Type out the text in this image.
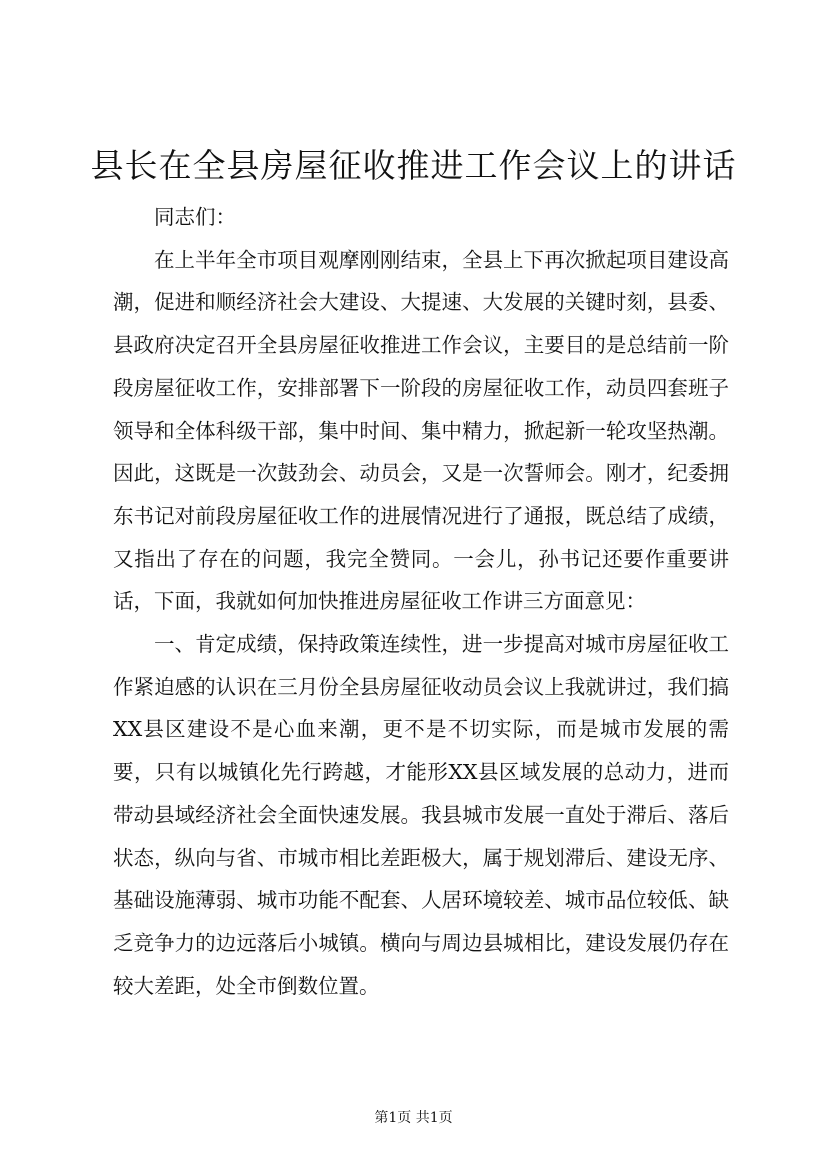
县长在全县房屋征收推进工作会议上的讲话

同志们：

在上半年全市项目观摩刚刚结束，全县上下再次掀起项目建设高潮，促进和顺经济社会大建设、大提速、大发展的关键时刻，县委、县政府决定召开全县房屋征收推进工作会议，主要目的是总结前一阶段房屋征收工作，安排部署下一阶段的房屋征收工作，动员四套班子领导和全体科级干部，集中时间、集中精力，掀起新一轮攻坚热潮。因此，这既是一次鼓劲会、动员会，又是一次誓师会。刚才，纪委拥东书记对前段房屋征收工作的进展情况进行了通报，既总结了成绩，又指出了存在的问题，我完全赞同。一会儿，孙书记还要作重要讲话，下面，我就如何加快推进房屋征收工作讲三方面意见：

一、肯定成绩，保持政策连续性，进一步提高对城市房屋征收工作紧迫感的认识在三月份全县房屋征收动员会议上我就讲过，我们搞XX县区建设不是心血来潮，更不是不切实际，而是城市发展的需要，只有以城镇化先行跨越，才能形XX县区域发展的总动力，进而带动县域经济社会全面快速发展。我县城市发展一直处于滞后、落后状态，纵向与省、市城市相比差距极大，属于规划滞后、建设无序、基础设施薄弱、城市功能不配套、人居环境较差、城市品位较低、缺乏竞争力的边远落后小城镇。横向与周边县城相比，建设发展仍存在较大差距，处全市倒数位置。

第1页 共1页
